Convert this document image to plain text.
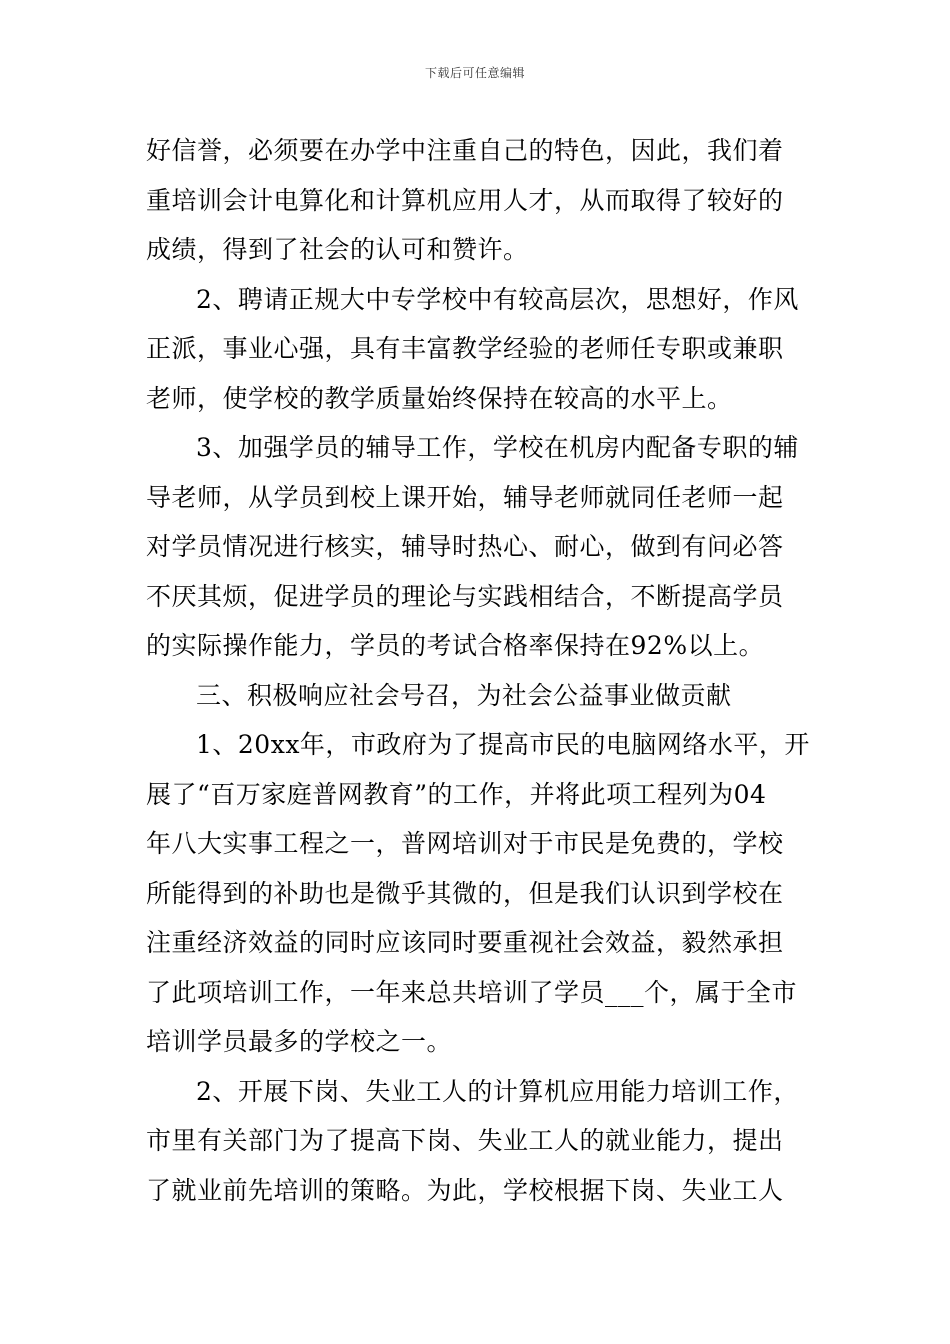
下载后可任意编辑
好信誉，必须要在办学中注重自己的特色，因此，我们着
重培训会计电算化和计算机应用人才，从而取得了较好的
成绩，得到了社会的认可和赞许。
2、聘请正规大中专学校中有较高层次，思想好，作风
正派，事业心强，具有丰富教学经验的老师任专职或兼职
老师，使学校的教学质量始终保持在较高的水平上。
3、加强学员的辅导工作，学校在机房内配备专职的辅
导老师，从学员到校上课开始，辅导老师就同任老师一起
对学员情况进行核实，辅导时热心、耐心，做到有问必答
不厌其烦，促进学员的理论与实践相结合，不断提高学员
的实际操作能力，学员的考试合格率保持在92%以上。
三、积极响应社会号召，为社会公益事业做贡献
1、20xx年，市政府为了提高市民的电脑网络水平，开
展了“百万家庭普网教育”的工作，并将此项工程列为04
年八大实事工程之一，普网培训对于市民是免费的，学校
所能得到的补助也是微乎其微的，但是我们认识到学校在
注重经济效益的同时应该同时要重视社会效益，毅然承担
了此项培训工作，一年来总共培训了学员___个，属于全市
培训学员最多的学校之一。
2、开展下岗、失业工人的计算机应用能力培训工作，
市里有关部门为了提高下岗、失业工人的就业能力，提出
了就业前先培训的策略。为此，学校根据下岗、失业工人
